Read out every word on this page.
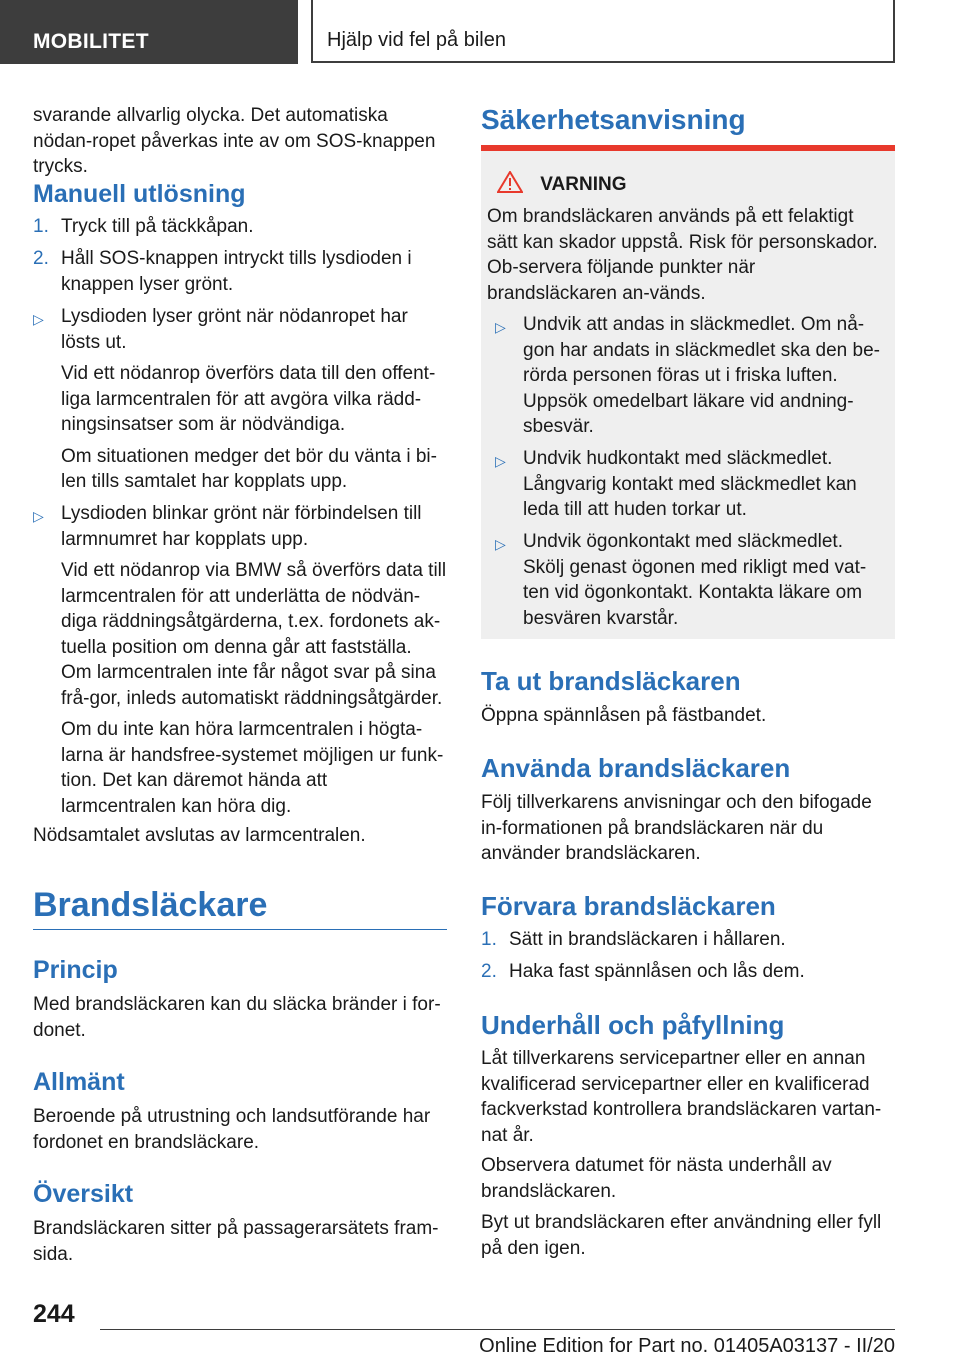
MOBILITET	Hjälp vid fel på bilen

svarande allvarlig olycka. Det automatiska nödan-ropet påverkas inte av om SOS-knappen trycks.

Manuell utlösning
1. Tryck till på täckkåpan.
2. Håll SOS-knappen intryckt tills lysdioden i knappen lyser grönt.
▷ Lysdioden lyser grönt när nödanropet har lösts ut.

Vid ett nödanrop överförs data till den offent-liga larmcentralen för att avgöra vilka rädd-ningsinsatser som är nödvändiga.

Om situationen medger det bör du vänta i bi-len tills samtalet har kopplats upp.

▷ Lysdioden blinkar grönt när förbindelsen till larmnumret har kopplats upp.

Vid ett nödanrop via BMW så överförs data till larmcentralen för att underlätta de nödvän-diga räddningsåtgärderna, t.ex. fordonets ak-tuella position om denna går att fastställa. Om larmcentralen inte får något svar på sina frå-gor, inleds automatiskt räddningsåtgärder.

Om du inte kan höra larmcentralen i högta-larna är handsfree-systemet möjligen ur funk-tion. Det kan däremot hända att larmcentralen kan höra dig.

Nödsamtalet avslutas av larmcentralen.

Brandsläckare
Princip

Med brandsläckaren kan du släcka bränder i for-donet.

Allmänt

Beroende på utrustning och landsutförande har fordonet en brandsläckare.

Översikt

Brandsläckaren sitter på passagerarsätets fram-sida.

Säkerhetsanvisning
VARNING

Om brandsläckaren används på ett felaktigt sätt kan skador uppstå. Risk för personskador. Ob-servera följande punkter när brandsläckaren an-vänds.

▷ Undvik att andas in släckmedlet. Om nå-gon har andats in släckmedlet ska den be-rörda personen föras ut i friska luften. Uppsök omedelbart läkare vid andning-sbesvär.

▷ Undvik hudkontakt med släckmedlet. Långvarig kontakt med släckmedlet kan leda till att huden torkar ut.

▷ Undvik ögonkontakt med släckmedlet. Skölj genast ögonen med rikligt med vat-ten vid ögonkontakt. Kontakta läkare om besvären kvarstår.

Ta ut brandsläckaren

Öppna spännlåsen på fästbandet.

Använda brandsläckaren

Följ tillverkarens anvisningar och den bifogade in-formationen på brandsläckaren när du använder brandsläckaren.

Förvara brandsläckaren
1. Sätt in brandsläckaren i hållaren.
2. Haka fast spännlåsen och lås dem.
Underhåll och påfyllning

Låt tillverkarens servicepartner eller en annan kvalificerad servicepartner eller en kvalificerad fackverkstad kontrollera brandsläckaren vartan-nat år.

Observera datumet för nästa underhåll av brandsläckaren.

Byt ut brandsläckaren efter användning eller fyll på den igen.

244
Online Edition for Part no. 01405A03137 - II/20
